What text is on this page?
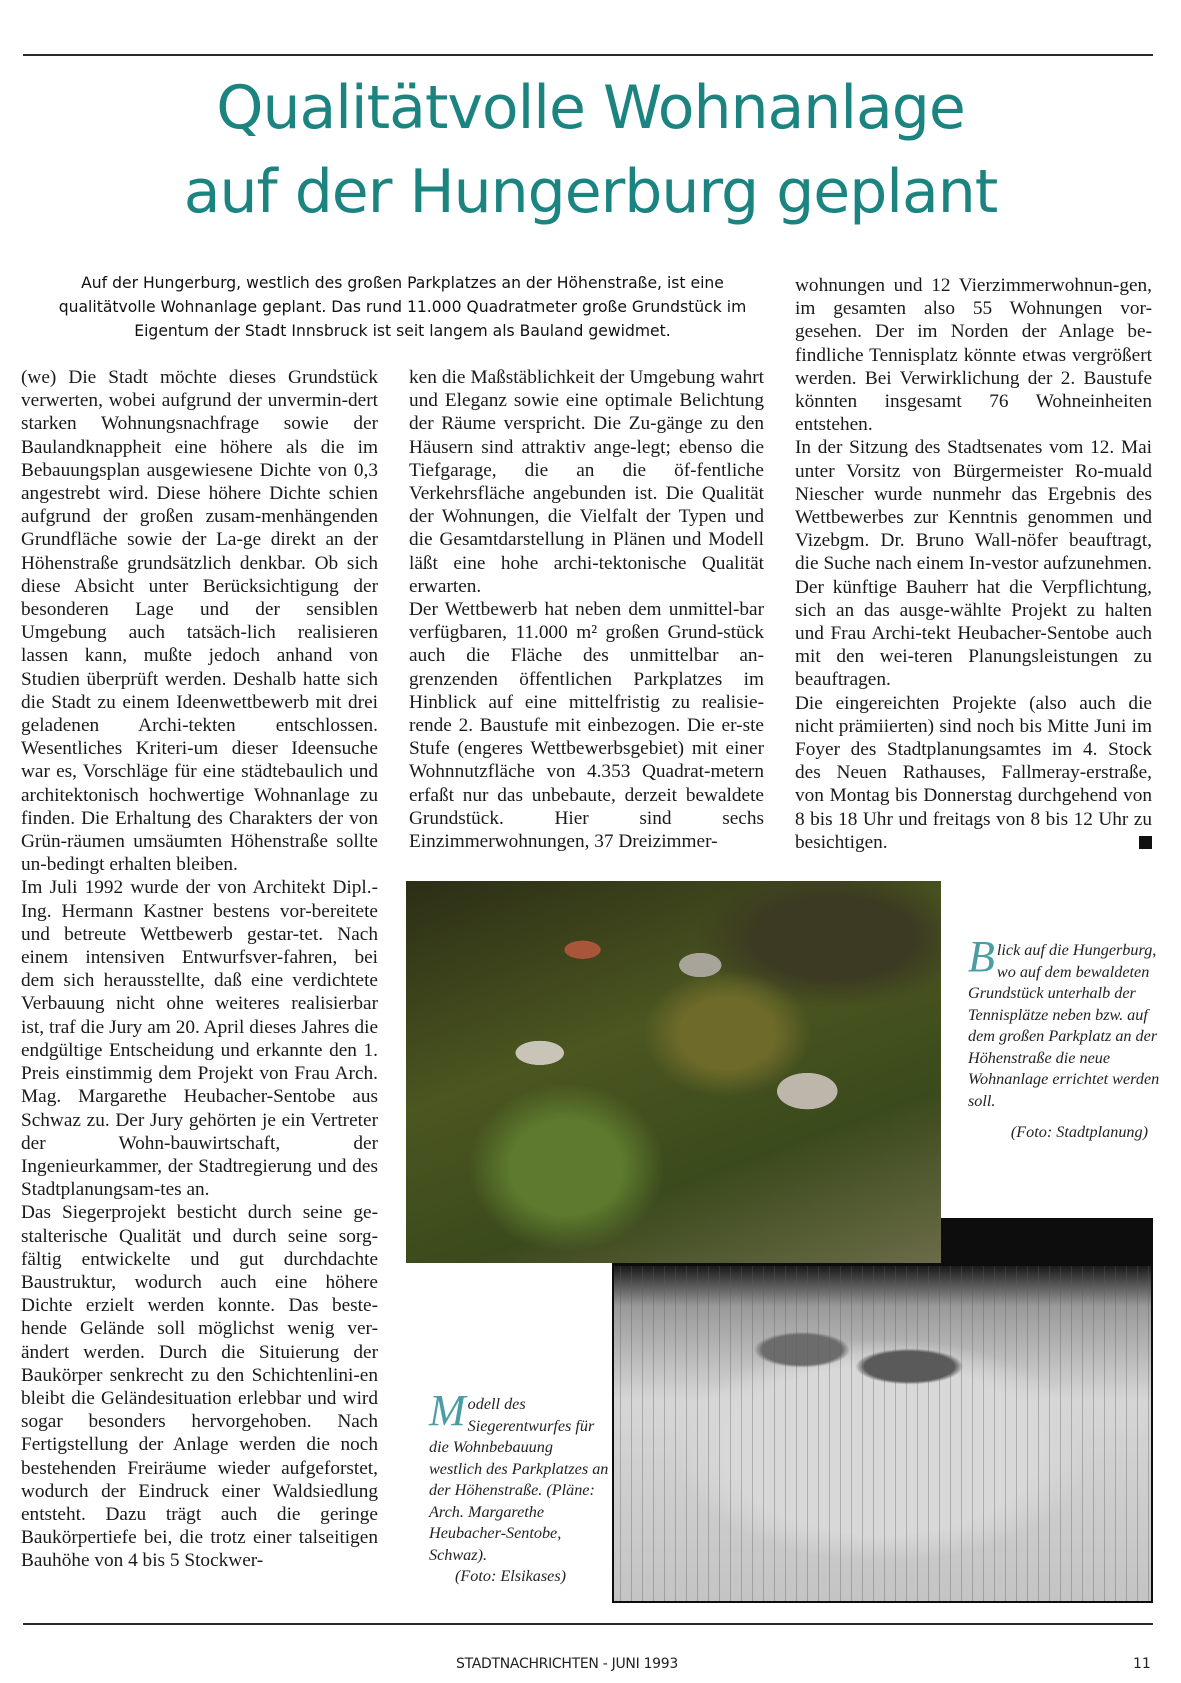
Qualitätvolle Wohnanlage
auf der Hungerburg geplant
Auf der Hungerburg, westlich des großen Parkplatzes an der Höhenstraße, ist eine qualitätvolle Wohnanlage geplant. Das rund 11.000 Quadratmeter große Grundstück im Eigentum der Stadt Innsbruck ist seit langem als Bauland gewidmet.

(we) Die Stadt möchte dieses Grundstück verwerten, wobei aufgrund der unvermin-dert starken Wohnungsnachfrage sowie der Baulandknappheit eine höhere als die im Bebauungsplan ausgewiesene Dichte von 0,3 angestrebt wird. Diese höhere Dichte schien aufgrund der großen zusam-menhängenden Grundfläche sowie der La-ge direkt an der Höhenstraße grundsätzlich denkbar. Ob sich diese Absicht unter Berücksichtigung der besonderen Lage und der sensiblen Umgebung auch tatsäch-lich realisieren lassen kann, mußte jedoch anhand von Studien überprüft werden. Deshalb hatte sich die Stadt zu einem Ideenwettbewerb mit drei geladenen Archi-tekten entschlossen. Wesentliches Kriteri-um dieser Ideensuche war es, Vorschläge für eine städtebaulich und architektonisch hochwertige Wohnanlage zu finden. Die Erhaltung des Charakters der von Grün-räumen umsäumten Höhenstraße sollte un-bedingt erhalten bleiben.

Im Juli 1992 wurde der von Architekt Dipl.-Ing. Hermann Kastner bestens vor-bereitete und betreute Wettbewerb gestar-tet. Nach einem intensiven Entwurfsver-fahren, bei dem sich herausstellte, daß eine verdichtete Verbauung nicht ohne weiteres realisierbar ist, traf die Jury am 20. April dieses Jahres die endgültige Entscheidung und erkannte den 1. Preis einstimmig dem Projekt von Frau Arch. Mag. Margarethe Heubacher-Sentobe aus Schwaz zu. Der Jury gehörten je ein Vertreter der Wohn-bauwirtschaft, der Ingenieurkammer, der Stadtregierung und des Stadtplanungsam-tes an.

Das Siegerprojekt besticht durch seine ge-stalterische Qualität und durch seine sorg-fältig entwickelte und gut durchdachte Baustruktur, wodurch auch eine höhere Dichte erzielt werden konnte. Das beste-hende Gelände soll möglichst wenig ver-ändert werden. Durch die Situierung der Baukörper senkrecht zu den Schichtenlini-en bleibt die Geländesituation erlebbar und wird sogar besonders hervorgehoben. Nach Fertigstellung der Anlage werden die noch bestehenden Freiräume wieder aufgeforstet, wodurch der Eindruck einer Waldsiedlung entsteht. Dazu trägt auch die geringe Baukörpertiefe bei, die trotz einer talseitigen Bauhöhe von 4 bis 5 Stockwer-

ken die Maßstäblichkeit der Umgebung wahrt und Eleganz sowie eine optimale Belichtung der Räume verspricht. Die Zu-gänge zu den Häusern sind attraktiv ange-legt; ebenso die Tiefgarage, die an die öf-fentliche Verkehrsfläche angebunden ist. Die Qualität der Wohnungen, die Vielfalt der Typen und die Gesamtdarstellung in Plänen und Modell läßt eine hohe archi-tektonische Qualität erwarten.

Der Wettbewerb hat neben dem unmittel-bar verfügbaren, 11.000 m² großen Grund-stück auch die Fläche des unmittelbar an-grenzenden öffentlichen Parkplatzes im Hinblick auf eine mittelfristig zu realisie-rende 2. Baustufe mit einbezogen. Die er-ste Stufe (engeres Wettbewerbsgebiet) mit einer Wohnnutzfläche von 4.353 Quadrat-metern erfaßt nur das unbebaute, derzeit bewaldete Grundstück. Hier sind sechs Einzimmerwohnungen, 37 Dreizimmer-

wohnungen und 12 Vierzimmerwohnun-gen, im gesamten also 55 Wohnungen vor-gesehen. Der im Norden der Anlage be-findliche Tennisplatz könnte etwas vergrößert werden. Bei Verwirklichung der 2. Baustufe könnten insgesamt 76 Wohneinheiten entstehen.

In der Sitzung des Stadtsenates vom 12. Mai unter Vorsitz von Bürgermeister Ro-muald Niescher wurde nunmehr das Ergebnis des Wettbewerbes zur Kenntnis genommen und Vizebgm. Dr. Bruno Wall-nöfer beauftragt, die Suche nach einem In-vestor aufzunehmen. Der künftige Bauherr hat die Verpflichtung, sich an das ausge-wählte Projekt zu halten und Frau Archi-tekt Heubacher-Sentobe auch mit den wei-teren Planungsleistungen zu beauftragen.

Die eingereichten Projekte (also auch die nicht prämiierten) sind noch bis Mitte Juni im Foyer des Stadtplanungsamtes im 4. Stock des Neuen Rathauses, Fallmeray-erstraße, von Montag bis Donnerstag durchgehend von 8 bis 18 Uhr und freitags von 8 bis 12 Uhr zu besichtigen.

B lick auf die Hungerburg, wo auf dem bewaldeten Grundstück unterhalb der Tennisplätze neben bzw. auf dem großen Parkplatz an der Höhenstraße die neue Wohnanlage errichtet werden soll.
(Foto: Stadtplanung)
M odell des Siegerentwurfes für die Wohnbebauung westlich des Parkplatzes an der Höhenstraße. (Pläne: Arch. Margarethe Heubacher-Sentobe, Schwaz).
(Foto: Elsikases)
STADTNACHRICHTEN - JUNI 1993	11
